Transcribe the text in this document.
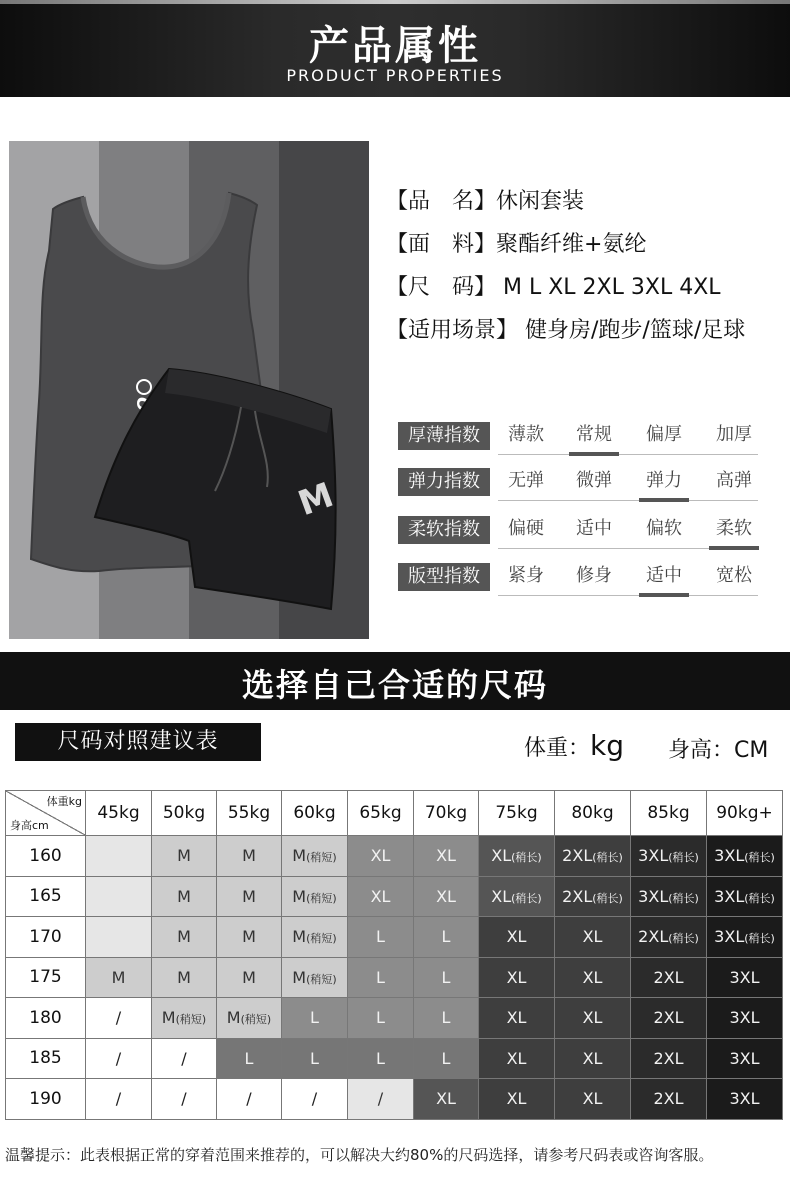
产品属性
PRODUCT PROPERTIES
M
【品　名】休闲套装
【面　料】聚酯纤维+氨纶
【尺　码】 M L XL 2XL 3XL 4XL
【适用场景】 健身房/跑步/篮球/足球
厚薄指数	薄款	常规	偏厚	加厚
弹力指数	无弹	微弹	弹力	高弹
柔软指数	偏硬	适中	偏软	柔软
版型指数	紧身	修身	适中	宽松
选择自己合适的尺码
尺码对照建议表	体重：kg 身高：CM
体重kg
身高cm	45kg	50kg	55kg	60kg	65kg	70kg	75kg	80kg	85kg	90kg+
160		M	M	M(稍短)	XL	XL	XL(稍长)	2XL(稍长)	3XL(稍长)	3XL(稍长)
165		M	M	M(稍短)	XL	XL	XL(稍长)	2XL(稍长)	3XL(稍长)	3XL(稍长)
170		M	M	M(稍短)	L	L	XL	XL	2XL(稍长)	3XL(稍长)
175	M	M	M	M(稍短)	L	L	XL	XL	2XL	3XL
180	/	M(稍短)	M(稍短)	L	L	L	XL	XL	2XL	3XL
185	/	/	L	L	L	L	XL	XL	2XL	3XL
190	/	/	/	/	/	XL	XL	XL	2XL	3XL
温馨提示：此表根据正常的穿着范围来推荐的，可以解决大约80%的尺码选择，请参考尺码表或咨询客服。
